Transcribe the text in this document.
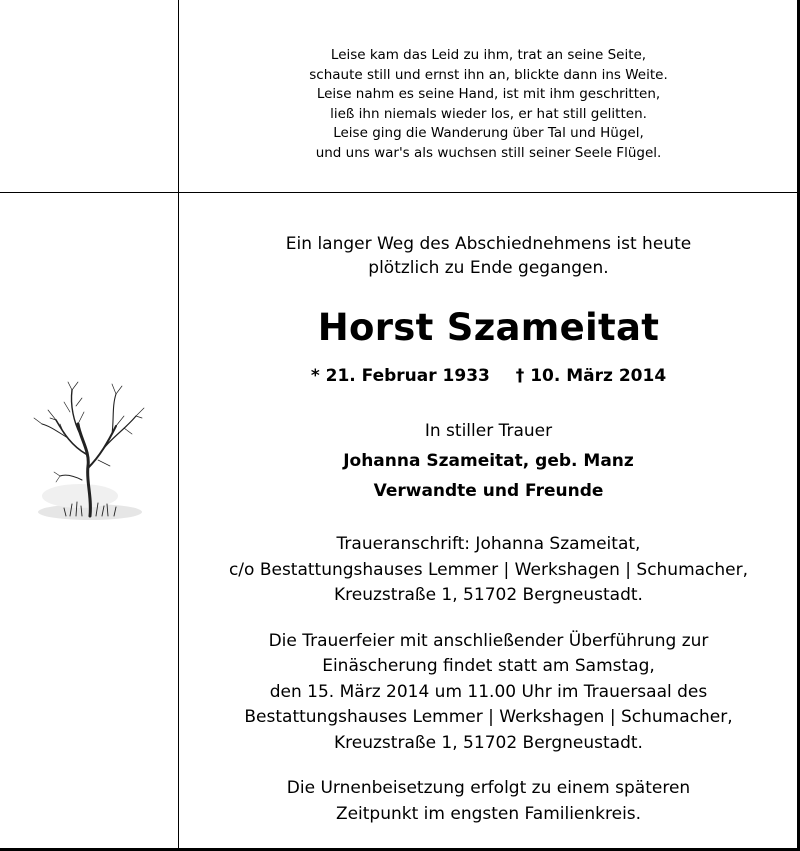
Leise kam das Leid zu ihm, trat an seine Seite,
schaute still und ernst ihn an, blickte dann ins Weite.
Leise nahm es seine Hand, ist mit ihm geschritten,
ließ ihn niemals wieder los, er hat still gelitten.
Leise ging die Wanderung über Tal und Hügel,
und uns war's als wuchsen still seiner Seele Flügel.
Ein langer Weg des Abschiednehmens ist heute
plötzlich zu Ende gegangen.
Horst Szameitat
* 21. Februar 1933 † 10. März 2014
In stiller Trauer
Johanna Szameitat, geb. Manz
Verwandte und Freunde
Traueranschrift: Johanna Szameitat,
c/o Bestattungshauses Lemmer | Werkshagen | Schumacher,
Kreuzstraße 1, 51702 Bergneustadt.
Die Trauerfeier mit anschließender Überführung zur
Einäscherung findet statt am Samstag,
den 15. März 2014 um 11.00 Uhr im Trauersaal des
Bestattungshauses Lemmer | Werkshagen | Schumacher,
Kreuzstraße 1, 51702 Bergneustadt.
Die Urnenbeisetzung erfolgt zu einem späteren
Zeitpunkt im engsten Familienkreis.
